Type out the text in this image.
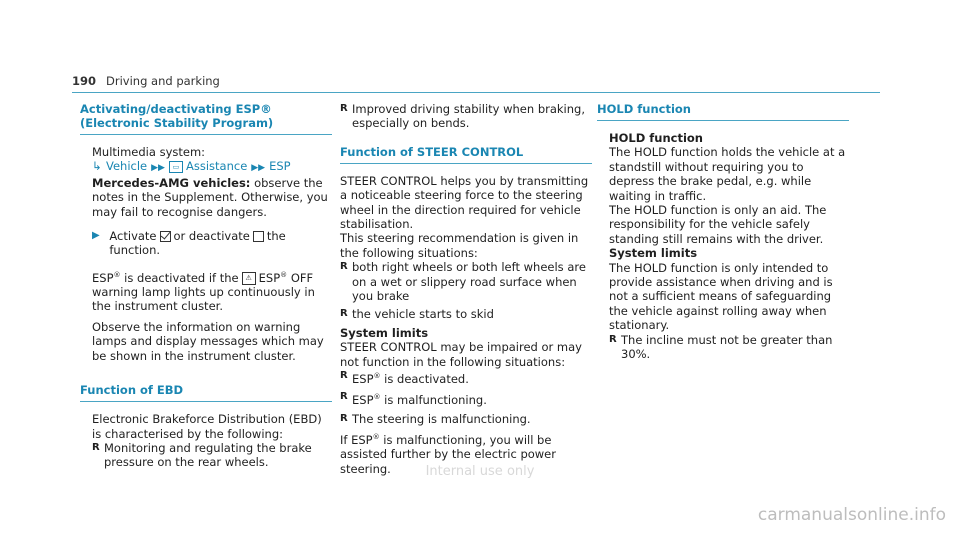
190 Driving and parking
Activating/deactivating ESP® (Electronic Stability Program)

Multimedia system:

↳ Vehicle ▶▶ ▭ Assistance ▶▶ ESP

Mercedes-AMG vehicles: observe the notes in the Supplement. Otherwise, you may fail to recognise dangers.

▶ Activate or deactivate the function.

ESP® is deactivated if the ⚠ ESP® OFF warning lamp lights up continuously in the instrument cluster.

Observe the information on warning lamps and display messages which may be shown in the instrument cluster.

Function of EBD

Electronic Brakeforce Distribution (EBD) is characterised by the following:

R Monitoring and regulating the brake pressure on the rear wheels.
R Improved driving stability when braking, especially on bends.
Function of STEER CONTROL

STEER CONTROL helps you by transmitting a noticeable steering force to the steering wheel in the direction required for vehicle stabilisation.

This steering recommendation is given in the following situations:

R both right wheels or both left wheels are on a wet or slippery road surface when you brake
R the vehicle starts to skid

System limits

STEER CONTROL may be impaired or may not function in the following situations:

R ESP® is deactivated.
R ESP® is malfunctioning.
R The steering is malfunctioning.

If ESP® is malfunctioning, you will be assisted further by the electric power steering.

HOLD function

HOLD function

The HOLD function holds the vehicle at a standstill without requiring you to depress the brake pedal, e.g. while waiting in traffic.

The HOLD function is only an aid. The responsibility for the vehicle safely standing still remains with the driver.

System limits

The HOLD function is only intended to provide assistance when driving and is not a sufficient means of safeguarding the vehicle against rolling away when stationary.

R The incline must not be greater than 30%.
Internal use only
carmanualsonline.info
